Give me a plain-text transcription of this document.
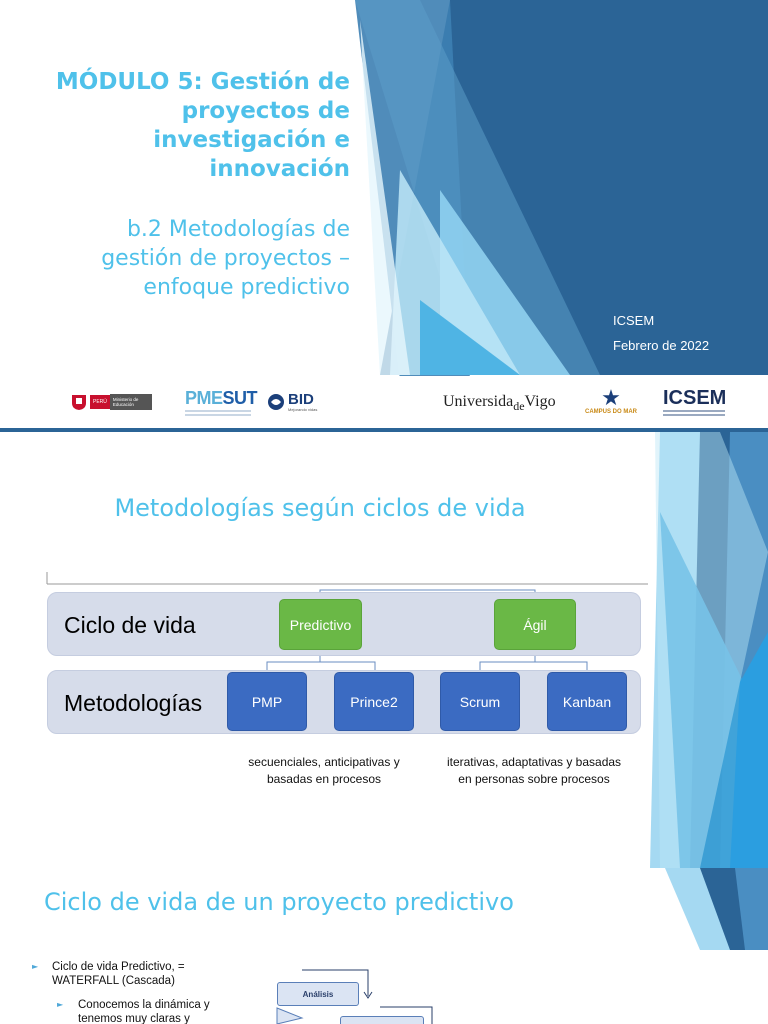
MÓDULO 5: Gestión de
proyectos de
investigación e
innovación
b.2 Metodologías de
gestión de proyectos –
enfoque predictivo
ICSEM
Febrero de 2022
PERÚ	Ministerio de Educación	PMESUT BID
Mejorando vidas	Universida de Vigo ★
CAMPUS DO MAR
ICSEM
Metodologías según ciclos de vida
Ciclo de vida
Metodologías
Predictivo	Ágil
PMP	Prince2	Scrum	Kanban
secuenciales, anticipativas y
basadas en procesos
iterativas, adaptativas y basadas
en personas sobre procesos
Ciclo de vida de un proyecto predictivo
► Ciclo de vida Predictivo, = WATERFALL (Cascada)
► Conocemos la dinámica y tenemos muy claras y
Análisis
